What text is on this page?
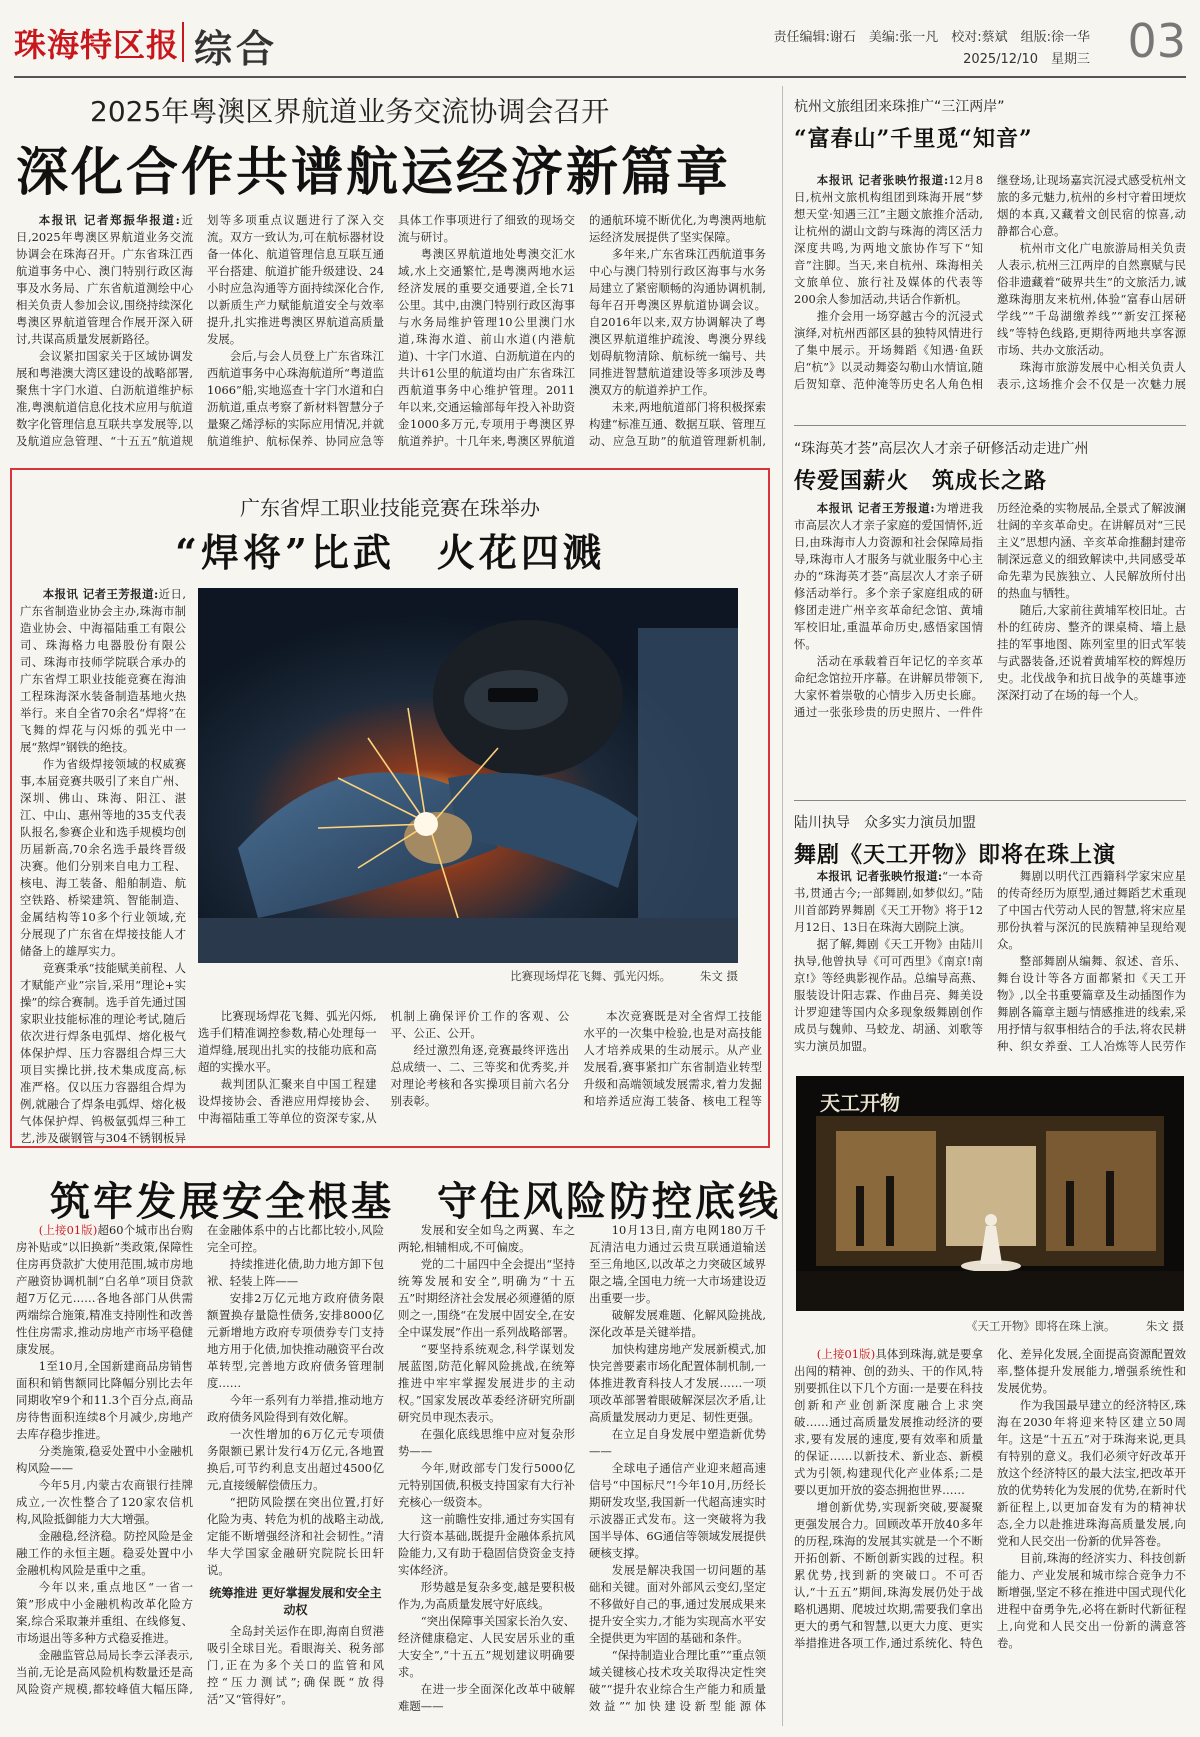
珠海特区报 综合	责任编辑:谢石　美编:张一凡　校对:蔡斌　组版:徐一华
2025/12/10　星期三 03
2025年粤澳区界航道业务交流协调会召开
深化合作共谱航运经济新篇章

本报讯 记者郑振华报道:近日,2025年粤澳区界航道业务交流协调会在珠海召开。广东省珠江西航道事务中心、澳门特别行政区海事及水务局、广东省航道测绘中心相关负责人参加会议,围绕持续深化粤澳区界航道管理合作展开深入研讨,共谋高质量发展新路径。

会议紧扣国家关于区域协调发展和粤港澳大湾区建设的战略部署,聚焦十字门水道、白沥航道维护标准,粤澳航道信息化技术应用与航道数字化管理信息互联共享发展等,以及航道应急管理、“十五五”航道规划等多项重点议题进行了深入交流。双方一致认为,可在航标器材设备一体化、航道管理信息互联互通平台搭建、航道扩能升级建设、24小时应急沟通等方面持续深化合作,以新质生产力赋能航道安全与效率提升,扎实推进粤澳区界航道高质量发展。

会后,与会人员登上广东省珠江西航道事务中心珠海航道所“粤道监1066”船,实地巡查十字门水道和白沥航道,重点考察了新材料智慧分子量聚乙烯浮标的实际应用情况,并就航道维护、航标保养、协同应急等具体工作事项进行了细致的现场交流与研讨。

粤澳区界航道地处粤澳交汇水域,水上交通繁忙,是粤澳两地水运经济发展的重要交通要道,全长71公里。其中,由澳门特别行政区海事与水务局维护管理10公里澳门水道,珠海水道、前山水道(内港航道)、十字门水道、白沥航道在内的共计61公里的航道均由广东省珠江西航道事务中心维护管理。2011年以来,交通运输部每年投入补助资金1000多万元,专项用于粤澳区界航道养护。十几年来,粤澳区界航道的通航环境不断优化,为粤澳两地航运经济发展提供了坚实保障。

多年来,广东省珠江西航道事务中心与澳门特别行政区海事与水务局建立了紧密顺畅的沟通协调机制,每年召开粤澳区界航道协调会议。自2016年以来,双方协调解决了粤澳区界航道维护疏浚、粤澳分界线划碍航物清除、航标统一编号、共同推进智慧航道建设等多项涉及粤澳双方的航道养护工作。

未来,两地航道部门将积极探索构建“标准互通、数据互联、管理互动、应急互助”的航道管理新机制,

广东省焊工职业技能竞赛在珠举办
“焊将”比武　火花四溅

本报讯 记者王芳报道:近日,广东省制造业协会主办,珠海市制造业协会、中海福陆重工有限公司、珠海格力电器股份有限公司、珠海市技师学院联合承办的广东省焊工职业技能竞赛在海油工程珠海深水装备制造基地火热举行。来自全省70余名“焊将”在飞舞的焊花与闪烁的弧光中一展“熬焊”钢铁的绝技。

作为省级焊接领域的权威赛事,本届竞赛共吸引了来自广州、深圳、佛山、珠海、阳江、湛江、中山、惠州等地的35支代表队报名,参赛企业和选手规模均创历届新高,70余名选手最终晋级决赛。他们分别来自电力工程、核电、海工装备、船舶制造、航空铁路、桥梁建筑、智能制造、金属结构等10多个行业领域,充分展现了广东省在焊接技能人才储备上的雄厚实力。

竞赛秉承“技能赋美前程、人才赋能产业”宗旨,采用“理论+实操”的综合赛制。选手首先通过国家职业技能标准的理论考试,随后依次进行焊条电弧焊、熔化极气体保护焊、压力容器组合焊三大项目实操比拼,技术集成度高,标准严格。仅以压力容器组合焊为例,就融合了焊条电弧焊、熔化极气体保护焊、钨极氩弧焊三种工艺,涉及碳钢管与304不锈钢板异

比赛现场焊花飞舞、弧光闪烁。　　　	朱文 摄

比赛现场焊花飞舞、弧光闪烁,选手们精准调控参数,精心处理每一道焊缝,展现出扎实的技能功底和高超的实操水平。

裁判团队汇聚来自中国工程建设焊接协会、香港应用焊接协会、中海福陆重工等单位的资深专家,从机制上确保评价工作的客观、公平、公正、公开。

经过激烈角逐,竞赛最终评选出总成绩一、二、三等奖和优秀奖,并对理论考核和各实操项目前六名分别表彰。

本次竞赛既是对全省焊工技能水平的一次集中检验,也是对高技能人才培养成果的生动展示。从产业发展看,赛事紧扣广东省制造业转型升级和高端领域发展需求,着力发掘和培养适应海工装备、核电工程等

筑牢发展安全根基　守住风险防控底线

(上接01版)超60个城市出台购房补贴或“以旧换新”类政策,保障性住房再贷款扩大使用范围,城市房地产融资协调机制“白名单”项目贷款超7万亿元……各地各部门从供需两端综合施策,精准支持刚性和改善性住房需求,推动房地产市场平稳健康发展。

1至10月,全国新建商品房销售面积和销售额同比降幅分别比去年同期收窄9个和11.3个百分点,商品房待售面积连续8个月减少,房地产去库存稳步推进。

分类施策,稳妥处置中小金融机构风险——

今年5月,内蒙古农商银行挂牌成立,一次性整合了120家农信机构,风险抵御能力大大增强。

金融稳,经济稳。防控风险是金融工作的永恒主题。稳妥处置中小金融机构风险是重中之重。

今年以来,重点地区“一省一策”形成中小金融机构改革化险方案,综合采取兼并重组、在线修复、市场退出等多种方式稳妥推进。

金融监管总局局长李云泽表示,当前,无论是高风险机构数量还是高风险资产规模,都较峰值大幅压降,在金融体系中的占比都比较小,风险完全可控。

持续推进化债,助力地方卸下包袱、轻装上阵——

安排2万亿元地方政府债务限额置换存量隐性债务,安排8000亿元新增地方政府专项债券专门支持地方用于化债,加快推动融资平台改革转型,完善地方政府债务管理制度……

今年一系列有力举措,推动地方政府债务风险得到有效化解。

一次性增加的6万亿元专项债务限额已累计发行4万亿元,各地置换后,可节约利息支出超过4500亿元,直接缓解偿债压力。

“把防风险摆在突出位置,打好化险为夷、转危为机的战略主动战,定能不断增强经济和社会韧性。”清华大学国家金融研究院院长田轩说。

统筹推进 更好掌握发展和安全主动权

全岛封关运作在即,海南自贸港吸引全球目光。看眼海关、税务部门,正在为多个关口的监管和风控“压力测试”;确保既“放得活”又“管得好”。

发展和安全如鸟之两翼、车之两轮,相辅相成,不可偏废。

党的二十届四中全会提出“坚持统筹发展和安全”,明确为“十五五”时期经济社会发展必须遵循的原则之一,围绕“在发展中固安全,在安全中谋发展”作出一系列战略部署。

“要坚持系统观念,科学谋划发展蓝图,防范化解风险挑战,在统筹推进中牢牢掌握发展进步的主动权。”国家发展改革委经济研究所副研究员申现杰表示。

在强化底线思维中应对复杂形势——

今年,财政部专门发行5000亿元特别国债,积极支持国家有大行补充核心一级资本。

这一前瞻性安排,通过夯实国有大行资本基础,既提升金融体系抗风险能力,又有助于稳固信贷资金支持实体经济。

形势越是复杂多变,越是要积极作为,为高质量发展守好底线。

“突出保障事关国家长治久安、经济健康稳定、人民安居乐业的重大安全”,“十五五”规划建议明确要求。

在进一步全面深化改革中破解难题——

10月13日,南方电网180万千瓦清洁电力通过云贵互联通道输送至三角地区,以改革之力突破区域界限之墙,全国电力统一大市场建设迈出重要一步。

破解发展难题、化解风险挑战,深化改革是关键举措。

加快构建房地产发展新模式,加快完善要素市场化配置体制机制,一体推进教育科技人才发展……一项项改革部署着眼破解深层次矛盾,让高质量发展动力更足、韧性更强。

在立足自身发展中塑造新优势——

全球电子通信产业迎来超高速信号“中国标尺”!今年10月,历经长期研发攻坚,我国新一代超高速实时示波器正式发布。这一突破将为我国半导体、6G通信等领域发展提供硬核支撑。

发展是解决我国一切问题的基础和关键。面对外部风云变幻,坚定不移做好自己的事,通过发展成果来提升安全实力,才能为实现高水平安全提供更为牢固的基础和条件。

“保持制造业合理比重”“重点领域关键核心技术攻关取得决定性突破”“提升农业综合生产能力和质量效益”“加快建设新型能源体

杭州文旅组团来珠推广“三江两岸”
“富春山”千里觅“知音”

本报讯 记者张映竹报道:12月8日,杭州文旅机构组团到珠海开展“梦想天堂·知遇三江”主题文旅推介活动,让杭州的湖山文韵与珠海的湾区活力深度共鸣,为两地文旅协作写下“知音”注脚。当天,来自杭州、珠海相关文旅单位、旅行社及媒体的代表等200余人参加活动,共话合作新机。

推介会用一场穿越古今的沉浸式演绎,对杭州西部区县的独特风情进行了集中展示。开场舞蹈《知遇·鱼跃启“杭”》以灵动舞姿勾勒山水情谊,随后贺知章、范仲淹等历史名人角色相继登场,让现场嘉宾沉浸式感受杭州文旅的多元魅力,杭州的乡村守着田埂炊烟的本真,又藏着文创民宿的惊喜,动静都合心意。

杭州市文化广电旅游局相关负责人表示,杭州三江两岸的自然禀赋与民俗非遗藏着“破界共生”的文旅活力,诚邀珠海朋友来杭州,体验“富春山居研学线”“千岛湖缴养线”“新安江探秘线”等特色线路,更期待两地共享客源市场、共办文旅活动。

珠海市旅游发展中心相关负责人表示,这场推介会不仅是一次魅力展

“珠海英才荟”高层次人才亲子研修活动走进广州
传爱国薪火　筑成长之路

本报讯 记者王芳报道:为增进我市高层次人才亲子家庭的爱国情怀,近日,由珠海市人力资源和社会保障局指导,珠海市人才服务与就业服务中心主办的“珠海英才荟”高层次人才亲子研修活动举行。多个亲子家庭组成的研修团走进广州辛亥革命纪念馆、黄埔军校旧址,重温革命历史,感悟家国情怀。

活动在承载着百年记忆的辛亥革命纪念馆拉开序幕。在讲解员带领下,大家怀着崇敬的心情步入历史长廊。通过一张张珍贵的历史照片、一件件历经沧桑的实物展品,全景式了解波澜壮阔的辛亥革命史。在讲解员对“三民主义”思想内涵、辛亥革命推翻封建帝制深远意义的细致解读中,共同感受革命先辈为民族独立、人民解放所付出的热血与牺牲。

随后,大家前往黄埔军校旧址。古朴的红砖房、整齐的课桌椅、墙上悬挂的军事地图、陈列室里的旧式军装与武器装备,还说着黄埔军校的辉煌历史。北伐战争和抗日战争的英雄事迹深深打动了在场的每一个人。

陆川执导　众多实力演员加盟
舞剧《天工开物》即将在珠上演

本报讯 记者张映竹报道:“一本奇书,贯通古今;一部舞剧,如梦似幻。”陆川首部跨界舞剧《天工开物》将于12月12日、13日在珠海大剧院上演。

据了解,舞剧《天工开物》由陆川执导,他曾执导《可可西里》《南京!南京!》等经典影视作品。总编导高燕、服装设计阳志霖、作曲吕亮、舞美设计罗迎建等国内众多现象级舞剧创作成员与魏帅、马蛟龙、胡涵、刘歌等实力演员加盟。

舞剧以明代江西籍科学家宋应星的传奇经历为原型,通过舞蹈艺术重现了中国古代劳动人民的智慧,将宋应星那份执着与深沉的民族精神呈现给观众。

整部舞剧从编舞、叙述、音乐、舞台设计等各方面都紧扣《天工开物》,以全书重要篇章及生动插图作为舞剧各篇章主题与情感推进的线索,采用抒情与叙事相结合的手法,将农民耕种、织女养蚕、工人冶炼等人民劳作

天工开物
《天工开物》即将在珠上演。	朱文 摄

(上接01版)具体到珠海,就是要拿出闯的精神、创的劲头、干的作风,特别要抓住以下几个方面:一是要在科技创新和产业创新深度融合上求突破……通过高质量发展推动经济的要求,要有发展的速度,要有效率和质量的保证……以新技术、新业态、新模式为引领,构建现代化产业体系;二是要以更加开放的姿态拥抱世界……

增创新优势,实现新突破,要凝聚更强发展合力。回顾改革开放40多年的历程,珠海的发展其实就是一个不断开拓创新、不断创新实践的过程。积累优势,找到新的突破口。不可否认,“十五五”期间,珠海发展仍处于战略机遇期、爬坡过坎期,需要我们拿出更大的勇气和智慧,以更大力度、更实举措推进各项工作,通过系统化、特色化、差异化发展,全面提高资源配置效率,整体提升发展能力,增强系统性和发展优势。

作为我国最早建立的经济特区,珠海在2030年将迎来特区建立50周年。这是“十五五”对于珠海来说,更具有特别的意义。我们必须守好改革开放这个经济特区的最大法宝,把改革开放的优势转化为发展的优势,在新时代新征程上,以更加奋发有为的精神状态,全力以赴推进珠海高质量发展,向党和人民交出一份新的优异答卷。

目前,珠海的经济实力、科技创新能力、产业发展和城市综合竞争力不断增强,坚定不移在推进中国式现代化进程中奋勇争先,必将在新时代新征程上,向党和人民交出一份新的满意答卷。
